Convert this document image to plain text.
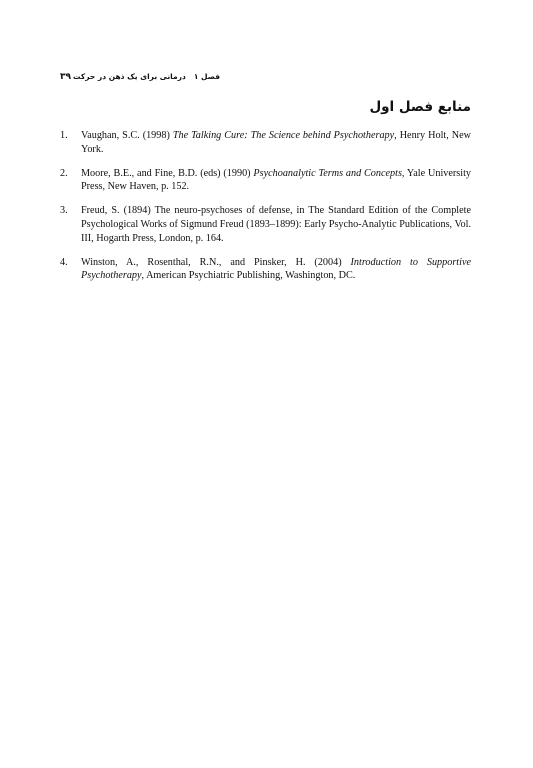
۳۹	فصل ۱درمانی برای یک ذهن در حرکت
منابع فصل اول
1. Vaughan, S.C. (1998) The Talking Cure: The Science behind Psychotherapy, Henry Holt, New York.
2. Moore, B.E., and Fine, B.D. (eds) (1990) Psychoanalytic Terms and Concepts, Yale University Press, New Haven, p. 152.
3. Freud, S. (1894) The neuro-psychoses of defense, in The Standard Edition of the Complete Psychological Works of Sigmund Freud (1893–1899): Early Psycho-Analytic Publications, Vol. III, Hogarth Press, London, p. 164.
4. Winston, A., Rosenthal, R.N., and Pinsker, H. (2004) Introduction to Supportive Psychotherapy, American Psychiatric Publishing, Washington, DC.
